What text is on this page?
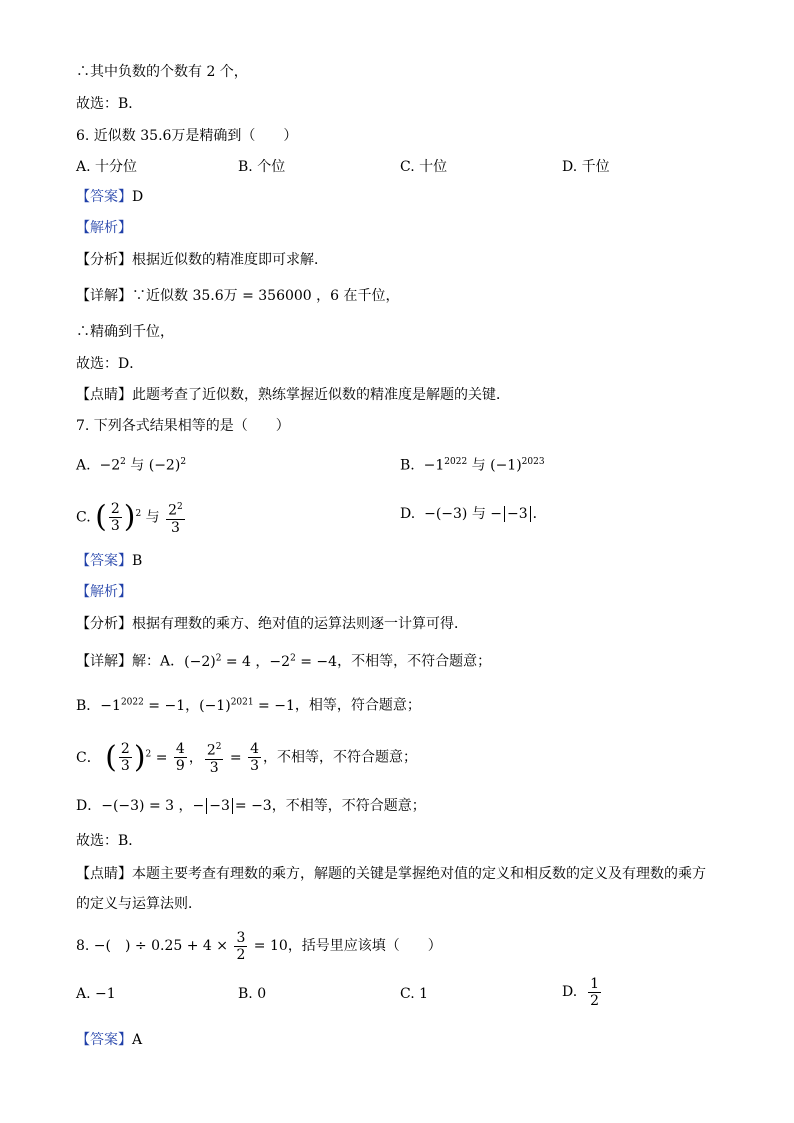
∴其中负数的个数有 2 个，
故选：B．
6. 近似数 35.6万是精确到（　　）
A. 十分位	B. 个位	C. 十位	D. 千位
【答案】D
【解析】
【分析】根据近似数的精准度即可求解．
【详解】∵近似数 35.6万 = 356000 ，6 在千位，
∴精确到千位，
故选：D．
【点睛】此题考查了近似数，熟练掌握近似数的精准度是解题的关键．
7. 下列各式结果相等的是（　　）
A.  $-2^2$ 与 $(-2)^2$	B.  $-1^{2022}$ 与 $(-1)^{2023}$
C. ( $\frac{2}{3} )^2$ 与 $\frac{2^2}{3}$	D.  −(−3) 与 − −3 ．
【答案】B
【解析】
【分析】根据有理数的乘方、绝对值的运算法则逐一计算可得．
【详解】解：A．$(-2)^2 = 4$ ，$-2^2 = -4$，不相等，不符合题意；
B．$-1^{2022} = -1$，$(-1)^{2021} = -1$，相等，符合题意；
C． ( $\frac{2}{3} )^2 = \frac{4}{9}$ ， $\frac{2^2}{3} = \frac{4}{3}$ ，不相等，不符合题意；
D．−(−3) = 3 ，− −3 = −3，不相等，不符合题意；
故选：B．
【点睛】本题主要考查有理数的乘方，解题的关键是掌握绝对值的定义和相反数的定义及有理数的乘方
的定义与运算法则．
8. −(　) ÷ $0.25 + 4 \times \frac{3}{2} = 10$，括号里应该填（　　）
A. −1	B. 0	C. 1	D. $\frac{1}{2}$
【答案】A
